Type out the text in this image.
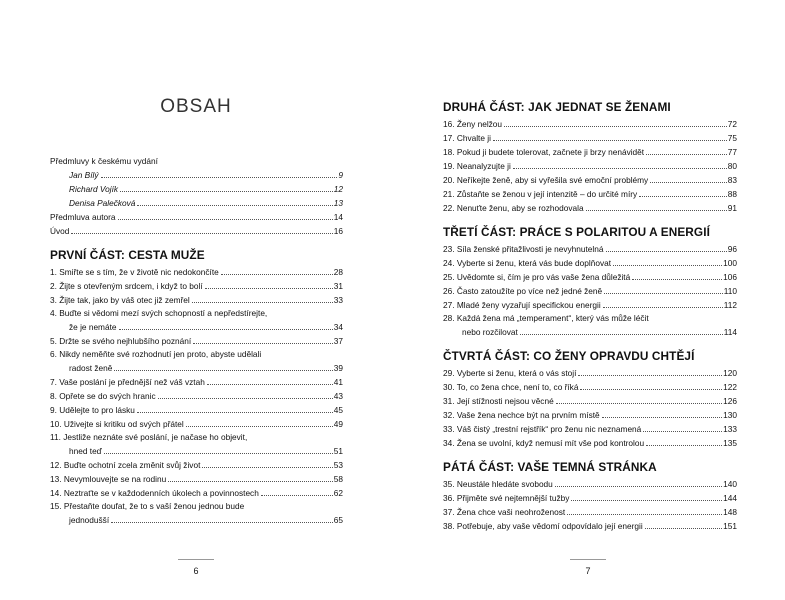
OBSAH
Předmluvy k českému vydání
Jan Bílý	9
Richard Vojík	12
Denisa Palečková	13
Předmluva autora	14
Úvod	16
PRVNÍ ČÁST: CESTA MUŽE
1. Smiřte se s tím, že v životě nic nedokončíte	28
2. Žijte s otevřeným srdcem, i když to bolí	31
3. Žijte tak, jako by váš otec již zemřel	33
4. Buďte si vědomi mezí svých schopností a nepředstírejte,
že je nemáte	34
5. Držte se svého nejhlubšího poznání	37
6. Nikdy neměňte své rozhodnutí jen proto, abyste udělali
radost ženě	39
7. Vaše poslání je přednější než váš vztah	41
8. Opřete se do svých hranic	43
9. Udělejte to pro lásku	45
10. Uživejte si kritiku od svých přátel	49
11. Jestliže neznáte své poslání, je načase ho objevit,
hned teď	51
12. Buďte ochotní zcela změnit svůj život	53
13. Nevymlouvejte se na rodinu	58
14. Neztraťte se v každodenních úkolech a povinnostech	62
15. Přestaňte doufat, že to s vaší ženou jednou bude
jednodušší	65
6
DRUHÁ ČÁST: JAK JEDNAT SE ŽENAMI
16. Ženy nelžou	72
17. Chvalte ji	75
18. Pokud ji budete tolerovat, začnete ji brzy nenávidět	77
19. Neanalyzujte ji	80
20. Neříkejte ženě, aby si vyřešila své emoční problémy	83
21. Zůstaňte se ženou v její intenzitě – do určité míry	88
22. Nenuťte ženu, aby se rozhodovala	91
TŘETÍ ČÁST: PRÁCE S POLARITOU A ENERGIÍ
23. Síla ženské přitažlivosti je nevyhnutelná	96
24. Vyberte si ženu, která vás bude doplňovat	100
25. Uvědomte si, čím je pro vás vaše žena důležitá	106
26. Často zatoužíte po více než jedné ženě	110
27. Mladé ženy vyzařují specifickou energii	112
28. Každá žena má „temperament“, který vás může léčit
nebo rozčilovat	114
ČTVRTÁ ČÁST: CO ŽENY OPRAVDU CHTĚJÍ
29. Vyberte si ženu, která o vás stojí	120
30. To, co žena chce, není to, co říká	122
31. Její stížnosti nejsou věcné	126
32. Vaše žena nechce být na prvním místě	130
33. Váš čistý „trestní rejstřík“ pro ženu nic neznamená	133
34. Žena se uvolní, když nemusí mít vše pod kontrolou	135
PÁTÁ ČÁST: VAŠE TEMNÁ STRÁNKA
35. Neustále hledáte svobodu	140
36. Přijměte své nejtemnější tužby	144
37. Žena chce vaši neohroženost	148
38. Potřebuje, aby vaše vědomí odpovídalo její energii	151
7
